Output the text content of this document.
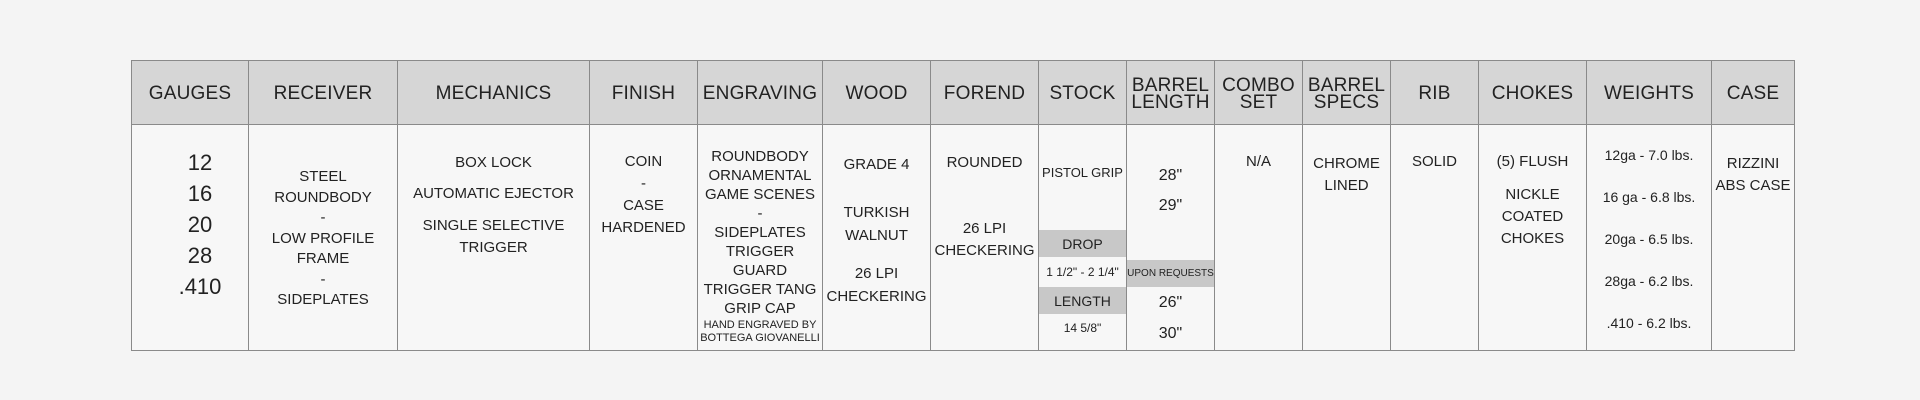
GAUGES
12
16
20
28
.410
RECEIVER
STEEL
ROUNDBODY
-
LOW PROFILE FRAME
-
SIDEPLATES
MECHANICS
BOX LOCK
AUTOMATIC EJECTOR
SINGLE SELECTIVE
TRIGGER
FINISH
COIN
-
CASE
HARDENED
ENGRAVING
ROUNDBODY
ORNAMENTAL
GAME SCENES
-
SIDEPLATES
TRIGGER GUARD
TRIGGER TANG
GRIP CAP
HAND ENGRAVED BY
BOTTEGA GIOVANELLI
WOOD
GRADE 4
TURKISH
WALNUT
26 LPI
CHECKERING
FOREND
ROUNDED
26 LPI
CHECKERING
STOCK
PISTOL GRIP
DROP
1 1/2" - 2 1/4"
LENGTH
14 5/8"
BARREL
LENGTH
28"
29"
UPON REQUESTS
26"
30"
COMBO
SET
N/A
BARREL
SPECS
CHROME
LINED
RIB
SOLID
CHOKES
(5) FLUSH
NICKLE
COATED
CHOKES
WEIGHTS
12ga - 7.0 lbs.
16 ga - 6.8 lbs.
20ga - 6.5 lbs.
28ga - 6.2 lbs.
.410 - 6.2 lbs.
CASE
RIZZINI
ABS CASE
